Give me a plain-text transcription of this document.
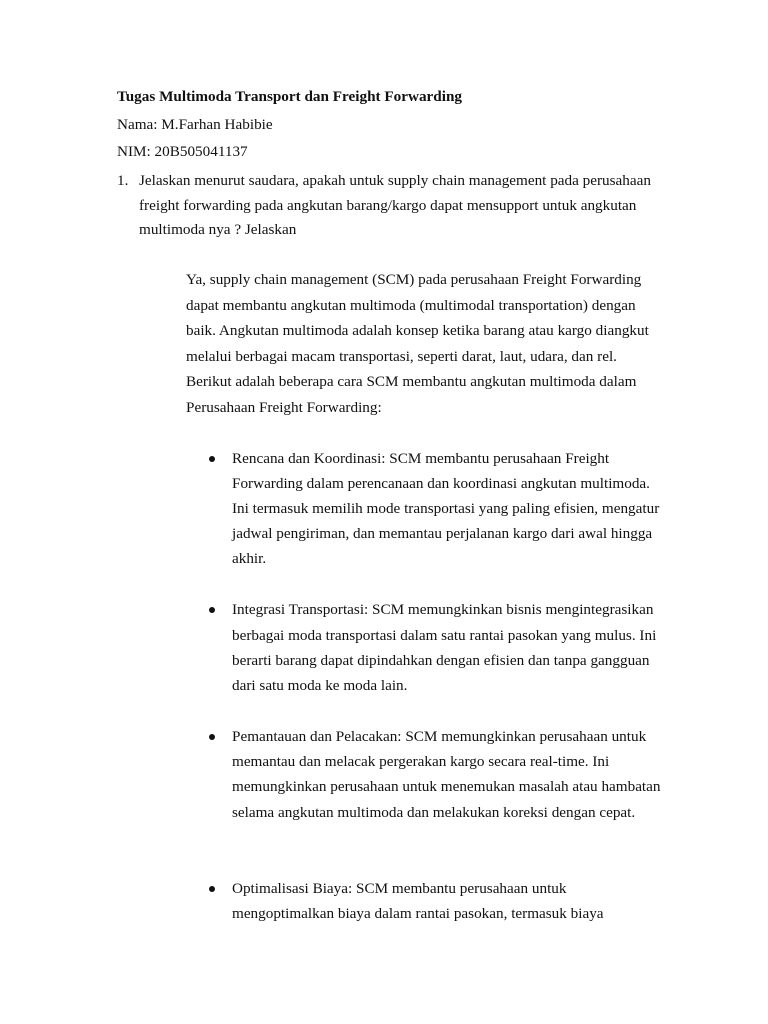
Tugas Multimoda Transport dan Freight Forwarding
Nama: M.Farhan Habibie
NIM: 20B505041137
1. Jelaskan menurut saudara, apakah untuk supply chain management pada perusahaan
freight forwarding pada angkutan barang/kargo dapat mensupport untuk angkutan
multimoda nya ? Jelaskan
Ya, supply chain management (SCM) pada perusahaan Freight Forwarding
dapat membantu angkutan multimoda (multimodal transportation) dengan
baik. Angkutan multimoda adalah konsep ketika barang atau kargo diangkut
melalui berbagai macam transportasi, seperti darat, laut, udara, dan rel.
Berikut adalah beberapa cara SCM membantu angkutan multimoda dalam
Perusahaan Freight Forwarding:
Rencana dan Koordinasi: SCM membantu perusahaan Freight
Forwarding dalam perencanaan dan koordinasi angkutan multimoda.
Ini termasuk memilih mode transportasi yang paling efisien, mengatur
jadwal pengiriman, dan memantau perjalanan kargo dari awal hingga
akhir.
Integrasi Transportasi: SCM memungkinkan bisnis mengintegrasikan
berbagai moda transportasi dalam satu rantai pasokan yang mulus. Ini
berarti barang dapat dipindahkan dengan efisien dan tanpa gangguan
dari satu moda ke moda lain.
Pemantauan dan Pelacakan: SCM memungkinkan perusahaan untuk
memantau dan melacak pergerakan kargo secara real-time. Ini
memungkinkan perusahaan untuk menemukan masalah atau hambatan
selama angkutan multimoda dan melakukan koreksi dengan cepat.
Optimalisasi Biaya: SCM membantu perusahaan untuk
mengoptimalkan biaya dalam rantai pasokan, termasuk biaya
